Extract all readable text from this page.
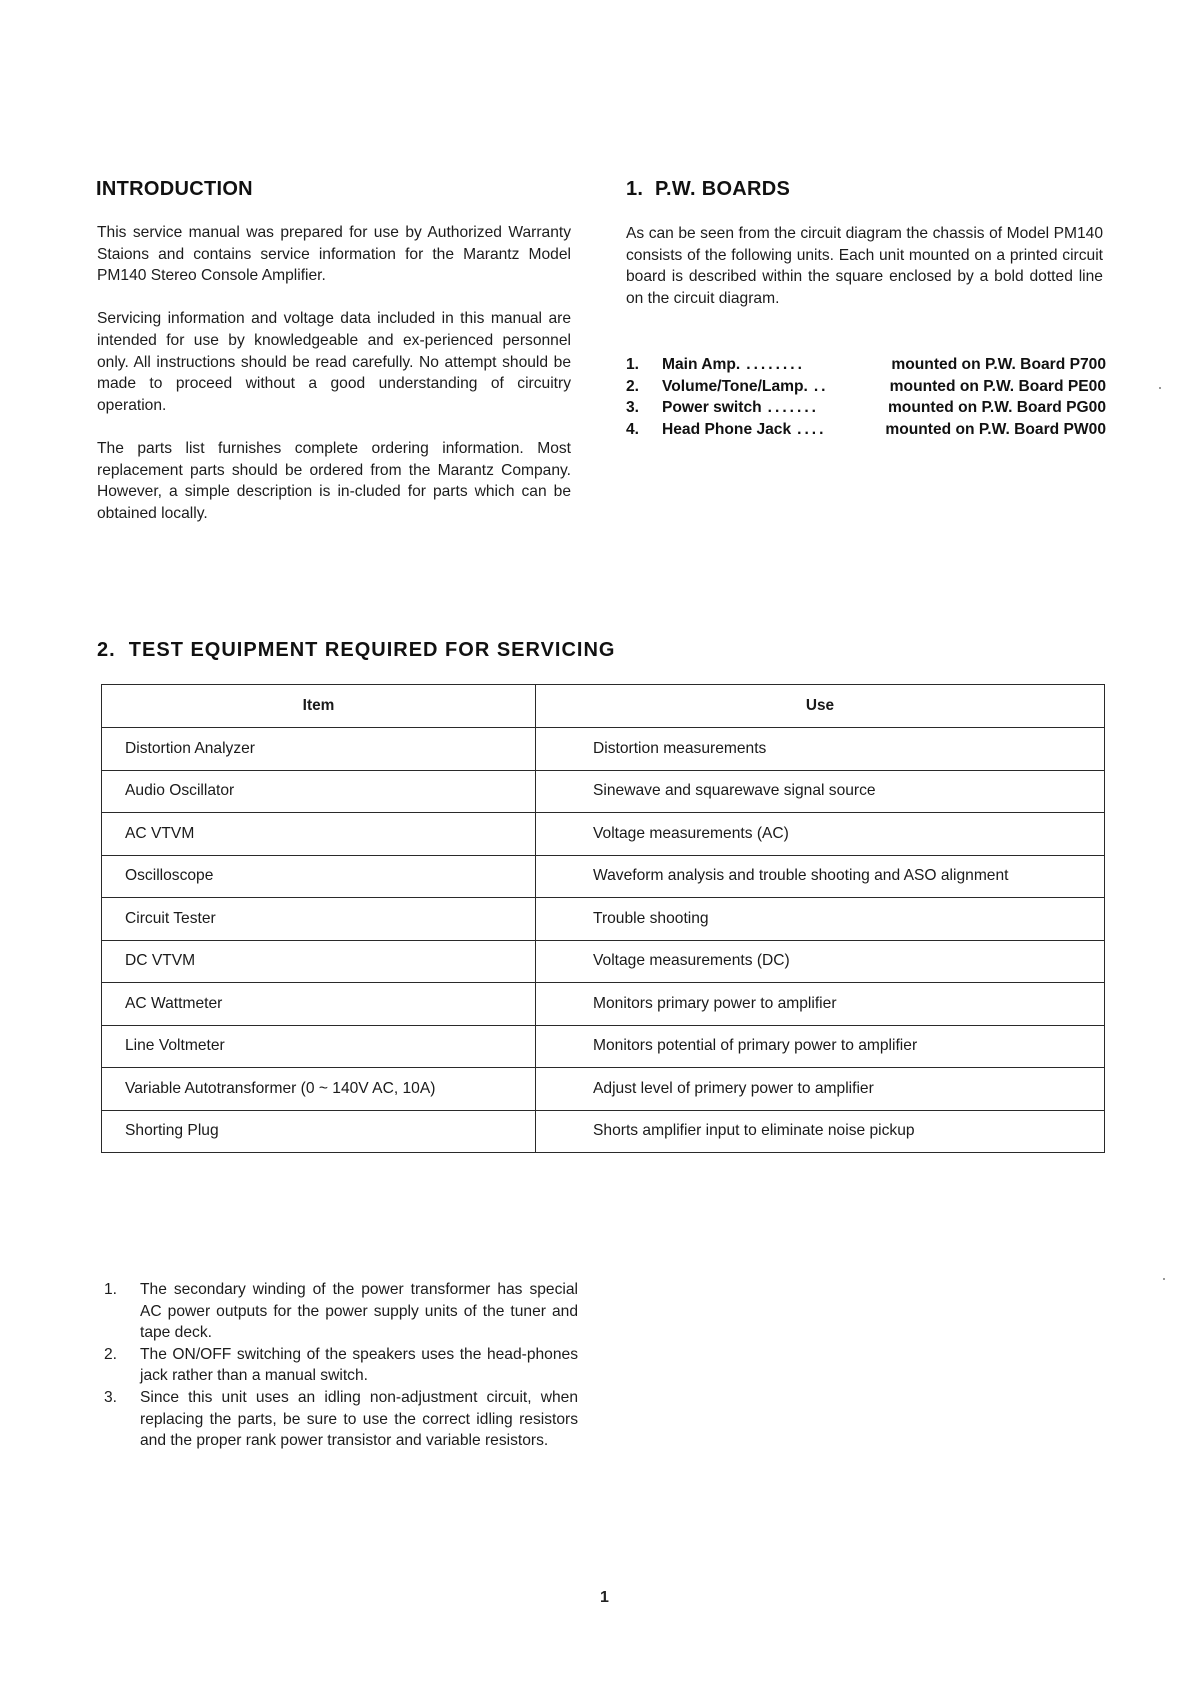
INTRODUCTION

This service manual was prepared for use by Authorized Warranty Staions and contains service information for the Marantz Model PM140 Stereo Console Amplifier.

Servicing information and voltage data included in this manual are intended for use by knowledgeable and ex-perienced personnel only. All instructions should be read carefully. No attempt should be made to proceed without a good understanding of circuitry operation.

The parts list furnishes complete ordering information. Most replacement parts should be ordered from the Marantz Company. However, a simple description is in-cluded for parts which can be obtained locally.

1.  P.W. BOARDS

As can be seen from the circuit diagram the chassis of Model PM140 consists of the following units. Each unit mounted on a printed circuit board is described within the square enclosed by a bold dotted line on the circuit diagram.

1.	Main Amp. ........	mounted on P.W. Board P700
2.	Volume/Tone/Lamp. ..	mounted on P.W. Board PE00
3.	Power switch .......	mounted on P.W. Board PG00
4.	Head Phone Jack ....	mounted on P.W. Board PW00
2.  TEST EQUIPMENT REQUIRED FOR SERVICING
Item	Use
Distortion Analyzer	Distortion measurements
Audio Oscillator	Sinewave and squarewave signal source
AC VTVM	Voltage measurements (AC)
Oscilloscope	Waveform analysis and trouble shooting and ASO alignment
Circuit Tester	Trouble shooting
DC VTVM	Voltage measurements (DC)
AC Wattmeter	Monitors primary power to amplifier
Line Voltmeter	Monitors potential of primary power to amplifier
Variable Autotransformer (0 ~ 140V AC, 10A)	Adjust level of primery power to amplifier
Shorting Plug	Shorts amplifier input to eliminate noise pickup
1.	The secondary winding of the power transformer has special AC power outputs for the power supply units of the tuner and tape deck.
2.	The ON/OFF switching of the speakers uses the head-phones jack rather than a manual switch.
3.	Since this unit uses an idling non-adjustment circuit, when replacing the parts, be sure to use the correct idling resistors and the proper rank power transistor and variable resistors.
1
